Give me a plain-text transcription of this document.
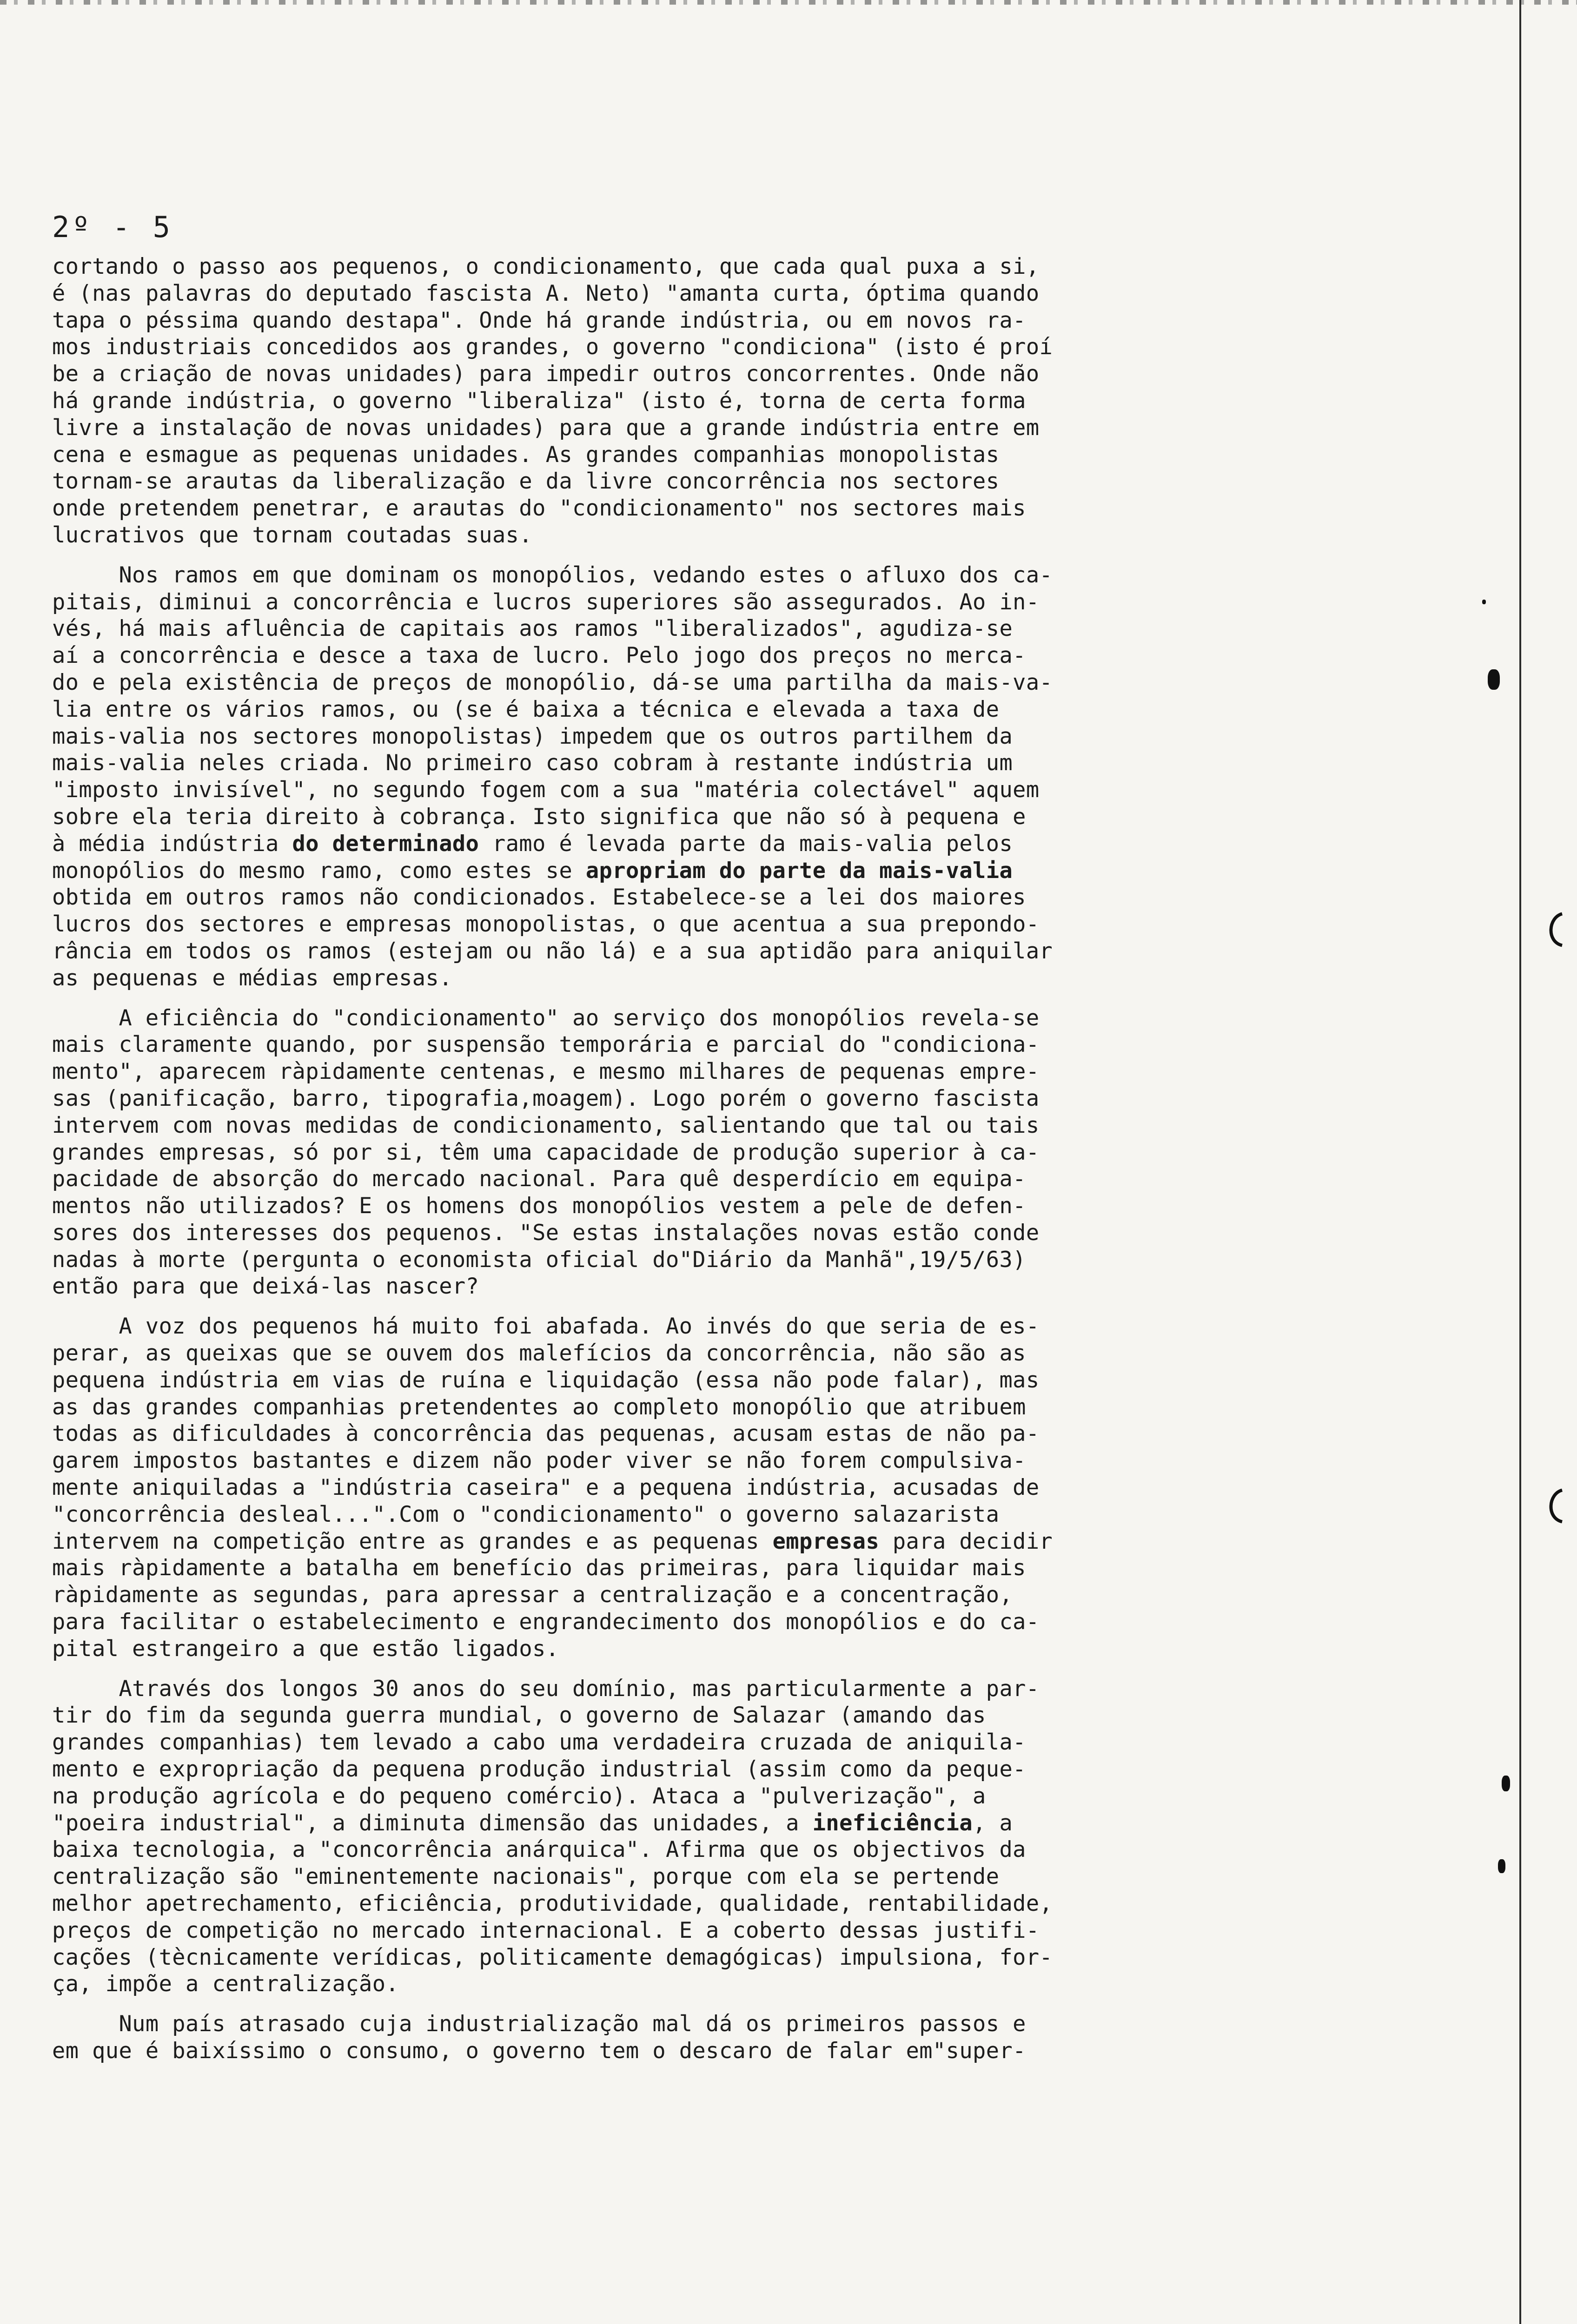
2º - 5
cortando o passo aos pequenos, o condicionamento, que cada qual puxa a si,
é (nas palavras do deputado fascista A. Neto) "amanta curta, óptima quando
tapa o péssima quando destapa". Onde há grande indústria, ou em novos ra-
mos industriais concedidos aos grandes, o governo "condiciona" (isto é proí
be a criação de novas unidades) para impedir outros concorrentes. Onde não
há grande indústria, o governo "liberaliza" (isto é, torna de certa forma
livre a instalação de novas unidades) para que a grande indústria entre em
cena e esmague as pequenas unidades. As grandes companhias monopolistas
tornam-se arautas da liberalização e da livre concorrência nos sectores
onde pretendem penetrar, e arautas do "condicionamento" nos sectores mais
lucrativos que tornam coutadas suas.
Nos ramos em que dominam os monopólios, vedando estes o afluxo dos ca-
pitais, diminui a concorrência e lucros superiores são assegurados. Ao in-
vés, há mais afluência de capitais aos ramos "liberalizados", agudiza-se
aí a concorrência e desce a taxa de lucro. Pelo jogo dos preços no merca-
do e pela existência de preços de monopólio, dá-se uma partilha da mais-va-
lia entre os vários ramos, ou (se é baixa a técnica e elevada a taxa de
mais-valia nos sectores monopolistas) impedem que os outros partilhem da
mais-valia neles criada. No primeiro caso cobram à restante indústria um
"imposto invisível", no segundo fogem com a sua "matéria colectável" aquem
sobre ela teria direito à cobrança. Isto significa que não só à pequena e
à média indústria do determinado ramo é levada parte da mais-valia pelos
monopólios do mesmo ramo, como estes se apropriam do parte da mais-valia
obtida em outros ramos não condicionados. Estabelece-se a lei dos maiores
lucros dos sectores e empresas monopolistas, o que acentua a sua prepondo-
rância em todos os ramos (estejam ou não lá) e a sua aptidão para aniquilar
as pequenas e médias empresas.
A eficiência do "condicionamento" ao serviço dos monopólios revela-se
mais claramente quando, por suspensão temporária e parcial do "condiciona-
mento", aparecem ràpidamente centenas, e mesmo milhares de pequenas empre-
sas (panificação, barro, tipografia,moagem). Logo porém o governo fascista
intervem com novas medidas de condicionamento, salientando que tal ou tais
grandes empresas, só por si, têm uma capacidade de produção superior à ca-
pacidade de absorção do mercado nacional. Para quê desperdício em equipa-
mentos não utilizados? E os homens dos monopólios vestem a pele de defen-
sores dos interesses dos pequenos. "Se estas instalações novas estão conde
nadas à morte (pergunta o economista oficial do"Diário da Manhã",19/5/63)
então para que deixá-las nascer?
A voz dos pequenos há muito foi abafada. Ao invés do que seria de es-
perar, as queixas que se ouvem dos malefícios da concorrência, não são as
pequena indústria em vias de ruína e liquidação (essa não pode falar), mas
as das grandes companhias pretendentes ao completo monopólio que atribuem
todas as dificuldades à concorrência das pequenas, acusam estas de não pa-
garem impostos bastantes e dizem não poder viver se não forem compulsiva-
mente aniquiladas a "indústria caseira" e a pequena indústria, acusadas de
"concorrência desleal...".Com o "condicionamento" o governo salazarista
intervem na competição entre as grandes e as pequenas empresas para decidir
mais ràpidamente a batalha em benefício das primeiras, para liquidar mais
ràpidamente as segundas, para apressar a centralização e a concentração,
para facilitar o estabelecimento e engrandecimento dos monopólios e do ca-
pital estrangeiro a que estão ligados.
Através dos longos 30 anos do seu domínio, mas particularmente a par-
tir do fim da segunda guerra mundial, o governo de Salazar (amando das
grandes companhias) tem levado a cabo uma verdadeira cruzada de aniquila-
mento e expropriação da pequena produção industrial (assim como da peque-
na produção agrícola e do pequeno comércio). Ataca a "pulverização", a
"poeira industrial", a diminuta dimensão das unidades, a ineficiência, a
baixa tecnologia, a "concorrência anárquica". Afirma que os objectivos da
centralização são "eminentemente nacionais", porque com ela se pertende
melhor apetrechamento, eficiência, produtividade, qualidade, rentabilidade,
preços de competição no mercado internacional. E a coberto dessas justifi-
cações (tècnicamente verídicas, politicamente demagógicas) impulsiona, for-
ça, impõe a centralização.
Num país atrasado cuja industrialização mal dá os primeiros passos e
em que é baixíssimo o consumo, o governo tem o descaro de falar em"super-
